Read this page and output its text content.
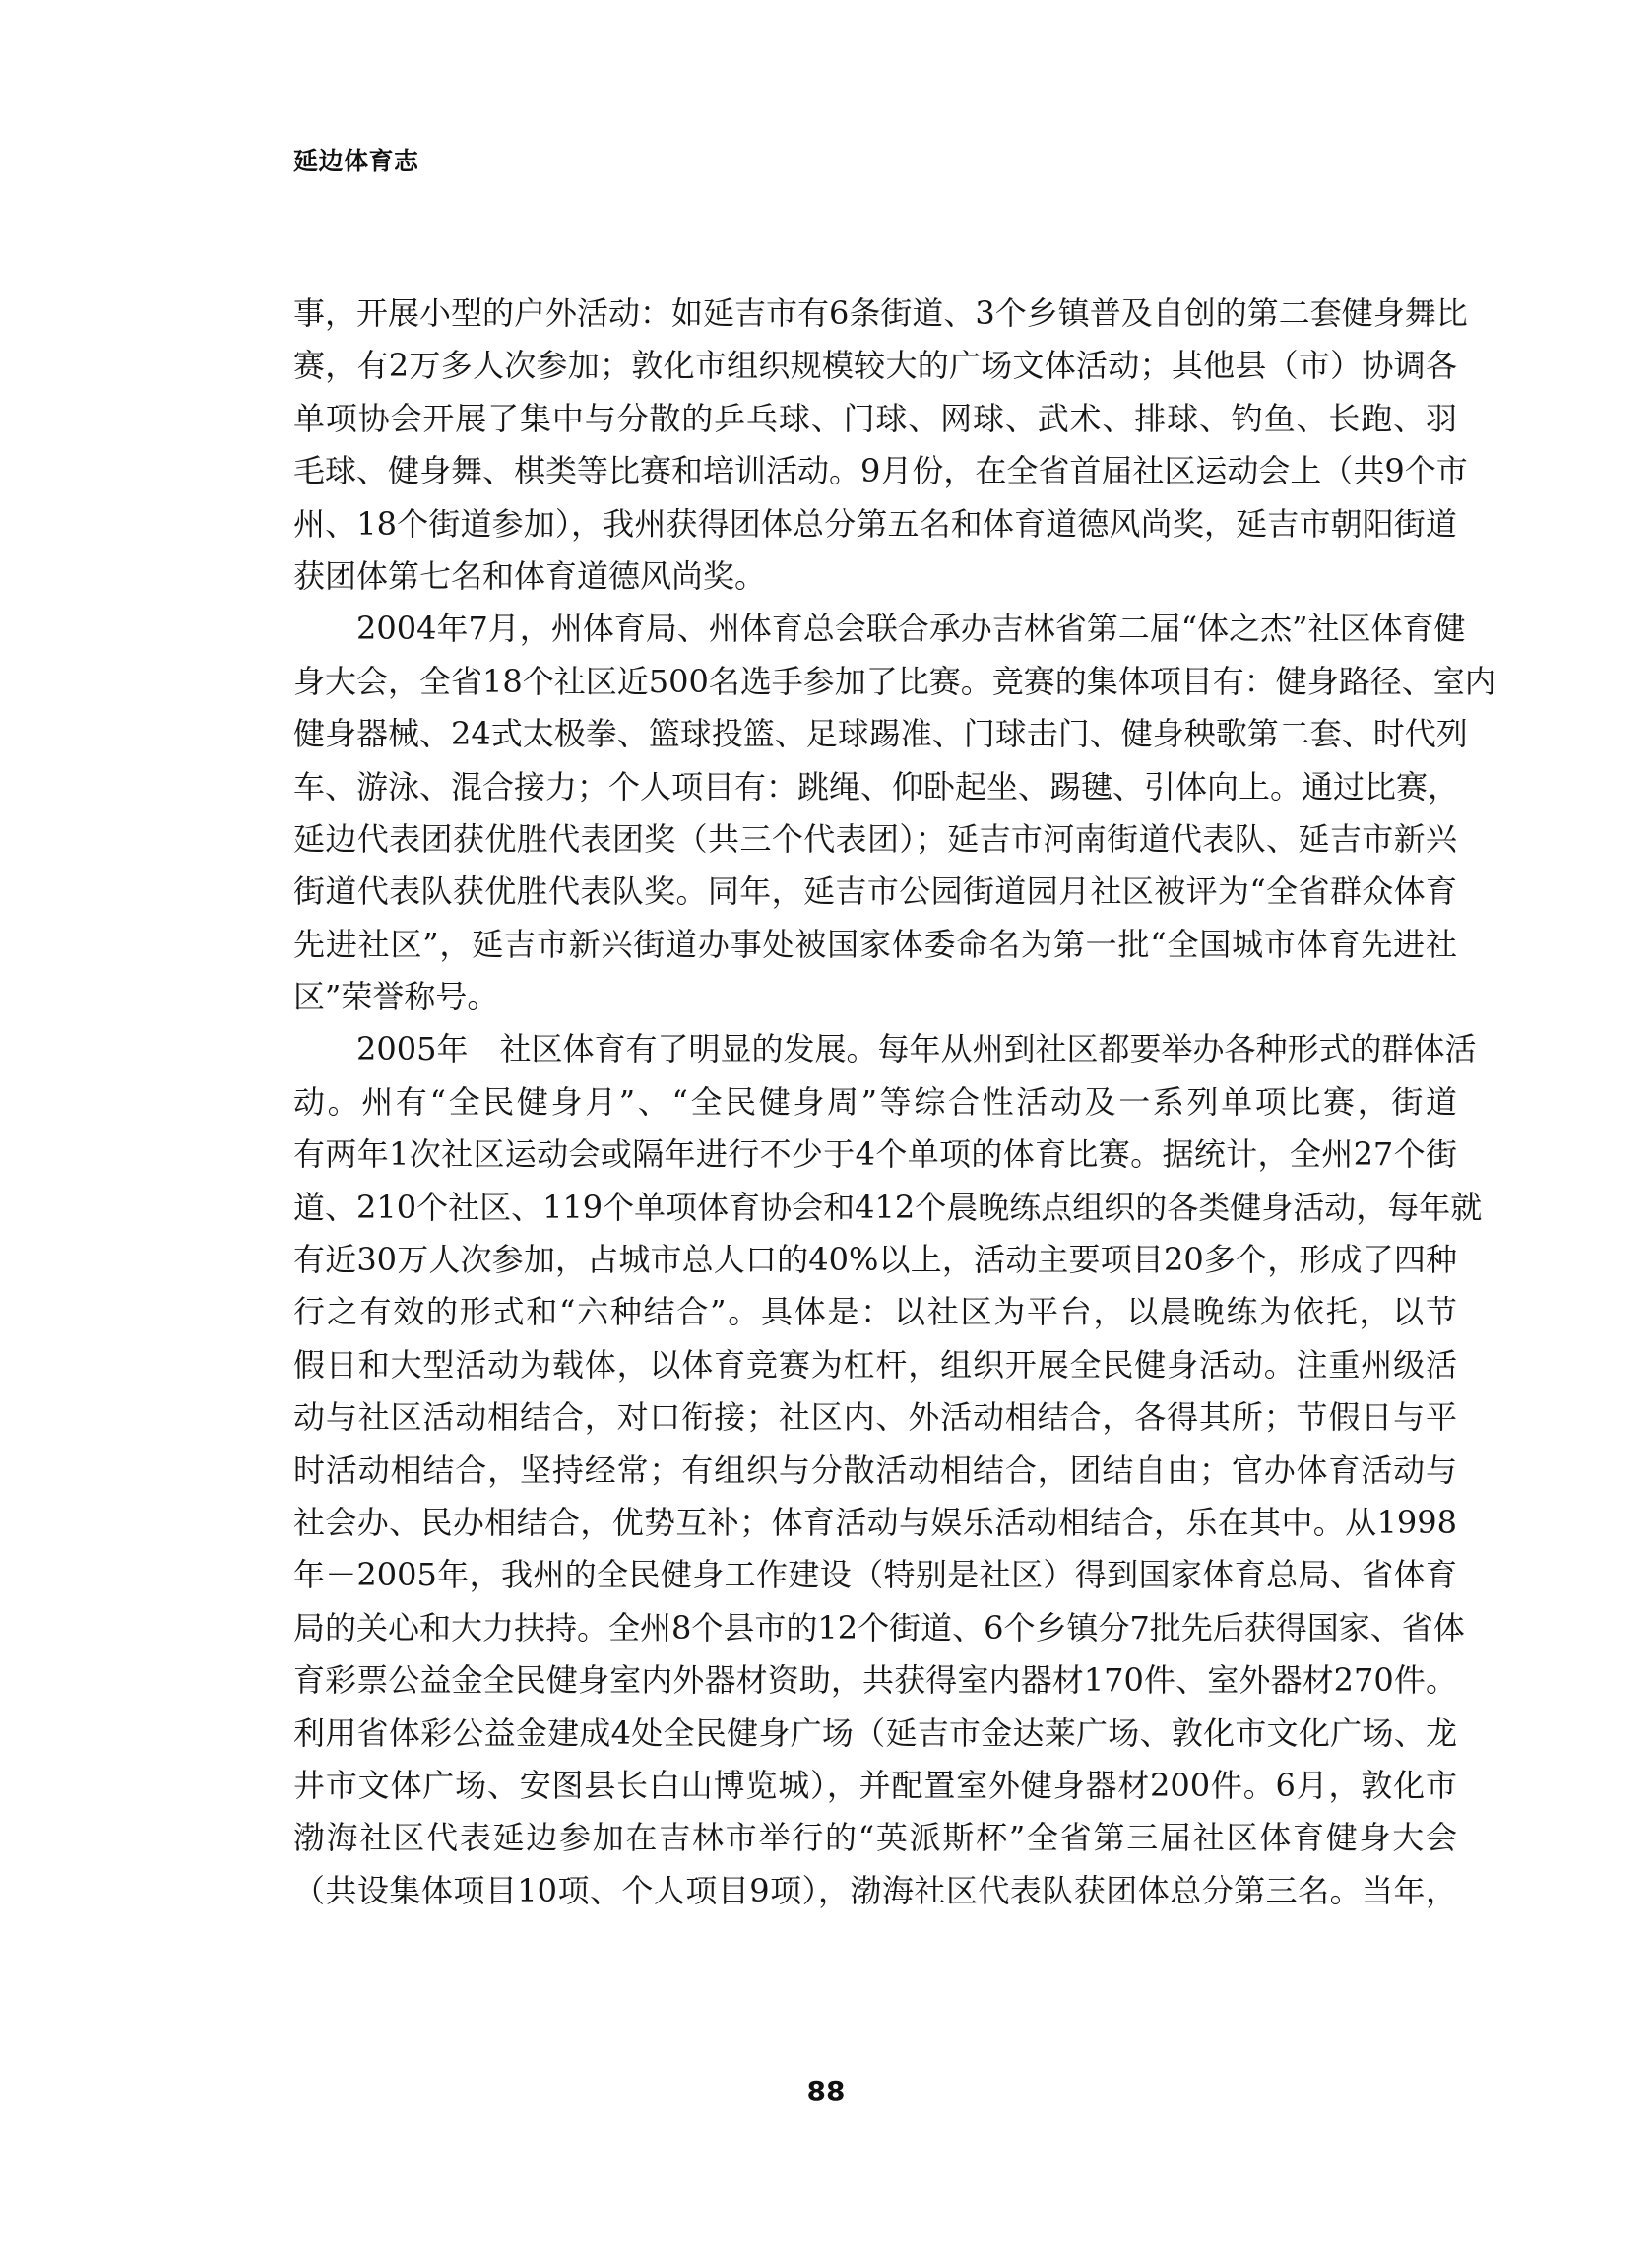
延边体育志
事，开展小型的户外活动：如延吉市有6条街道、3个乡镇普及自创的第二套健身舞比
赛，有2万多人次参加；敦化市组织规模较大的广场文体活动；其他县（市）协调各
单项协会开展了集中与分散的乒乓球、门球、网球、武术、排球、钓鱼、长跑、羽
毛球、健身舞、棋类等比赛和培训活动。9月份，在全省首届社区运动会上（共9个市
州、18个街道参加），我州获得团体总分第五名和体育道德风尚奖，延吉市朝阳街道
获团体第七名和体育道德风尚奖。
2004年7月，州体育局、州体育总会联合承办吉林省第二届“体之杰”社区体育健
身大会，全省18个社区近500名选手参加了比赛。竞赛的集体项目有：健身路径、室内
健身器械、24式太极拳、篮球投篮、足球踢准、门球击门、健身秧歌第二套、时代列
车、游泳、混合接力；个人项目有：跳绳、仰卧起坐、踢毽、引体向上。通过比赛，
延边代表团获优胜代表团奖（共三个代表团）；延吉市河南街道代表队、延吉市新兴
街道代表队获优胜代表队奖。同年，延吉市公园街道园月社区被评为“全省群众体育
先进社区”，延吉市新兴街道办事处被国家体委命名为第一批“全国城市体育先进社
区”荣誉称号。
2005年　社区体育有了明显的发展。每年从州到社区都要举办各种形式的群体活
动。州有“全民健身月”、“全民健身周”等综合性活动及一系列单项比赛，街道
有两年1次社区运动会或隔年进行不少于4个单项的体育比赛。据统计，全州27个街
道、210个社区、119个单项体育协会和412个晨晚练点组织的各类健身活动，每年就
有近30万人次参加，占城市总人口的40%以上，活动主要项目20多个，形成了四种
行之有效的形式和“六种结合”。具体是：以社区为平台，以晨晚练为依托，以节
假日和大型活动为载体，以体育竞赛为杠杆，组织开展全民健身活动。注重州级活
动与社区活动相结合，对口衔接；社区内、外活动相结合，各得其所；节假日与平
时活动相结合，坚持经常；有组织与分散活动相结合，团结自由；官办体育活动与
社会办、民办相结合，优势互补；体育活动与娱乐活动相结合，乐在其中。从1998
年－2005年，我州的全民健身工作建设（特别是社区）得到国家体育总局、省体育
局的关心和大力扶持。全州8个县市的12个街道、6个乡镇分7批先后获得国家、省体
育彩票公益金全民健身室内外器材资助，共获得室内器材170件、室外器材270件。
利用省体彩公益金建成4处全民健身广场（延吉市金达莱广场、敦化市文化广场、龙
井市文体广场、安图县长白山博览城），并配置室外健身器材200件。6月，敦化市
渤海社区代表延边参加在吉林市举行的“英派斯杯”全省第三届社区体育健身大会
（共设集体项目10项、个人项目9项），渤海社区代表队获团体总分第三名。当年，
88
